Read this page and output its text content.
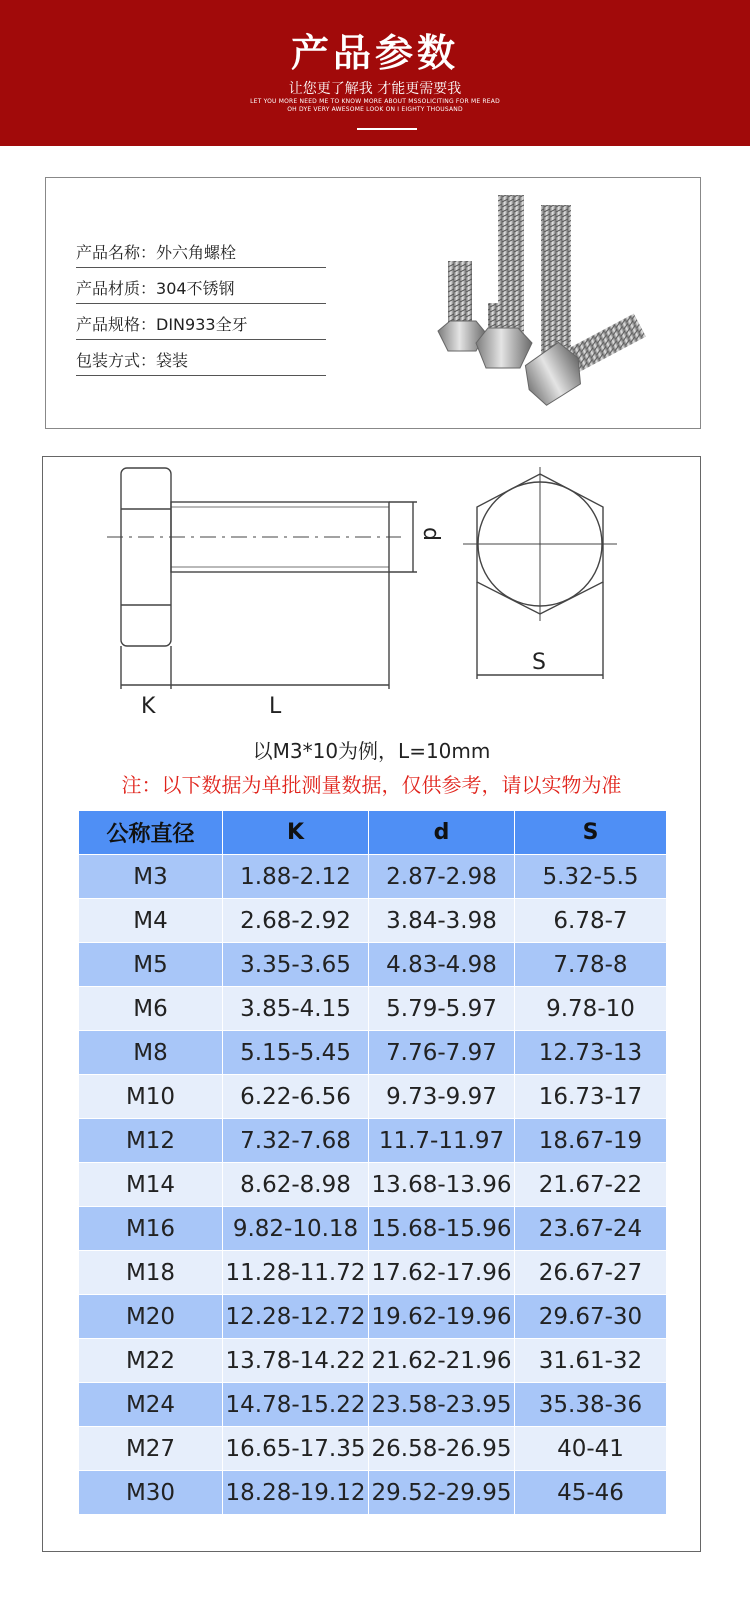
产品参数
让您更了解我 才能更需要我
LET YOU MORE NEED ME TO KNOW MORE ABOUT MSSOLICITING FOR ME READ OH DYE VERY AWESOME LOOK ON I EIGHTY THOUSAND
产品名称：外六角螺栓
产品材质：304不锈钢
产品规格：DIN933全牙
包装方式：袋装
d
S
K	L
以M3*10为例，L=10mm
注：以下数据为单批测量数据，仅供参考，请以实物为准
公称直径	K	d	S
M3	1.88-2.12	2.87-2.98	5.32-5.5
M4	2.68-2.92	3.84-3.98	6.78-7
M5	3.35-3.65	4.83-4.98	7.78-8
M6	3.85-4.15	5.79-5.97	9.78-10
M8	5.15-5.45	7.76-7.97	12.73-13
M10	6.22-6.56	9.73-9.97	16.73-17
M12	7.32-7.68	11.7-11.97	18.67-19
M14	8.62-8.98	13.68-13.96	21.67-22
M16	9.82-10.18	15.68-15.96	23.67-24
M18	11.28-11.72	17.62-17.96	26.67-27
M20	12.28-12.72	19.62-19.96	29.67-30
M22	13.78-14.22	21.62-21.96	31.61-32
M24	14.78-15.22	23.58-23.95	35.38-36
M27	16.65-17.35	26.58-26.95	40-41
M30	18.28-19.12	29.52-29.95	45-46
